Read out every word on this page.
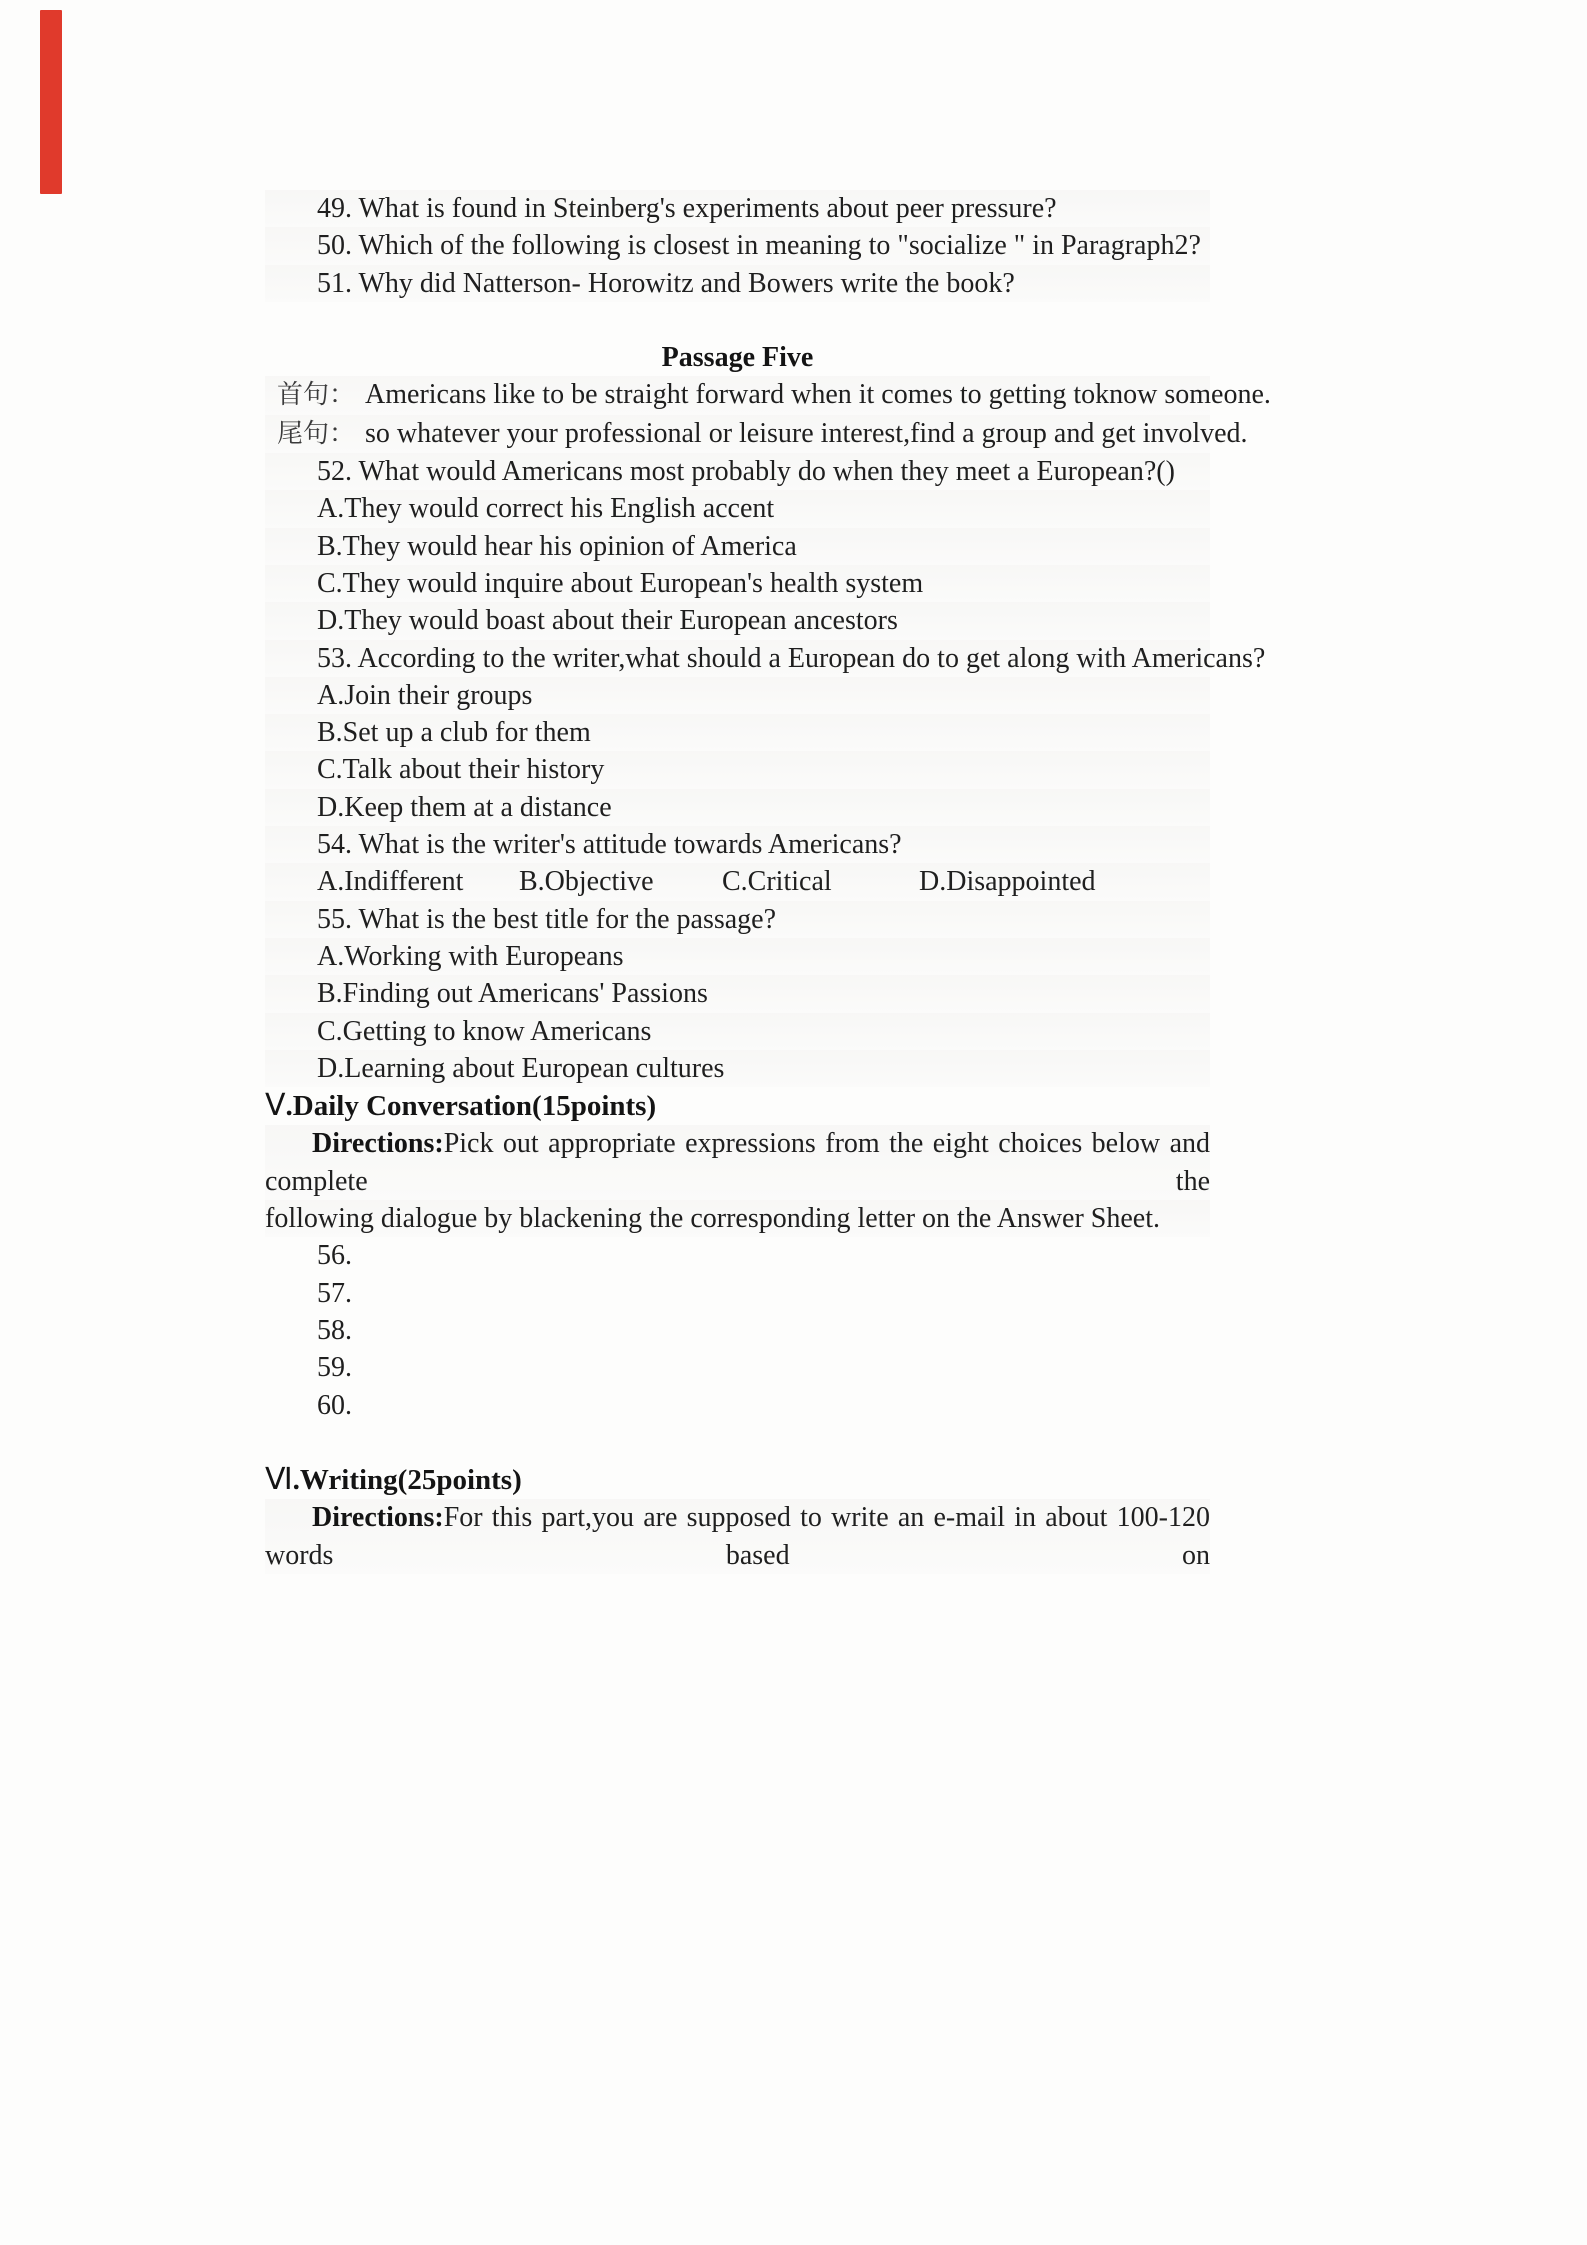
49. What is found in Steinberg's experiments about peer pressure?
50. Which of the following is closest in meaning to "socialize " in Paragraph2?
51. Why did Natterson- Horowitz and Bowers write the book?
Passage Five
首句： Americans like to be straight forward when it comes to getting toknow someone.
尾句： so whatever your professional or leisure interest,find a group and get involved.
52. What would Americans most probably do when they meet a European?()
A.They would correct his English accent
B.They would hear his opinion of America
C.They would inquire about European's health system
D.They would boast about their European ancestors
53. According to the writer,what should a European do to get along with Americans?
A.Join their groups
B.Set up a club for them
C.Talk about their history
D.Keep them at a distance
54. What is the writer's attitude towards Americans?
A.Indifferent B.Objective C.Critical	D.Disappointed
55. What is the best title for the passage?
A.Working with Europeans
B.Finding out Americans' Passions
C.Getting to know Americans
D.Learning about European cultures
Ⅴ.Daily Conversation(15points)
Directions:Pick out appropriate expressions from the eight choices below and complete the
following dialogue by blackening the corresponding letter on the Answer Sheet.
56.
57.
58.
59.
60.
Ⅵ.Writing(25points)
Directions:For this part,you are supposed to write an e-mail in about 100-120 words based on
